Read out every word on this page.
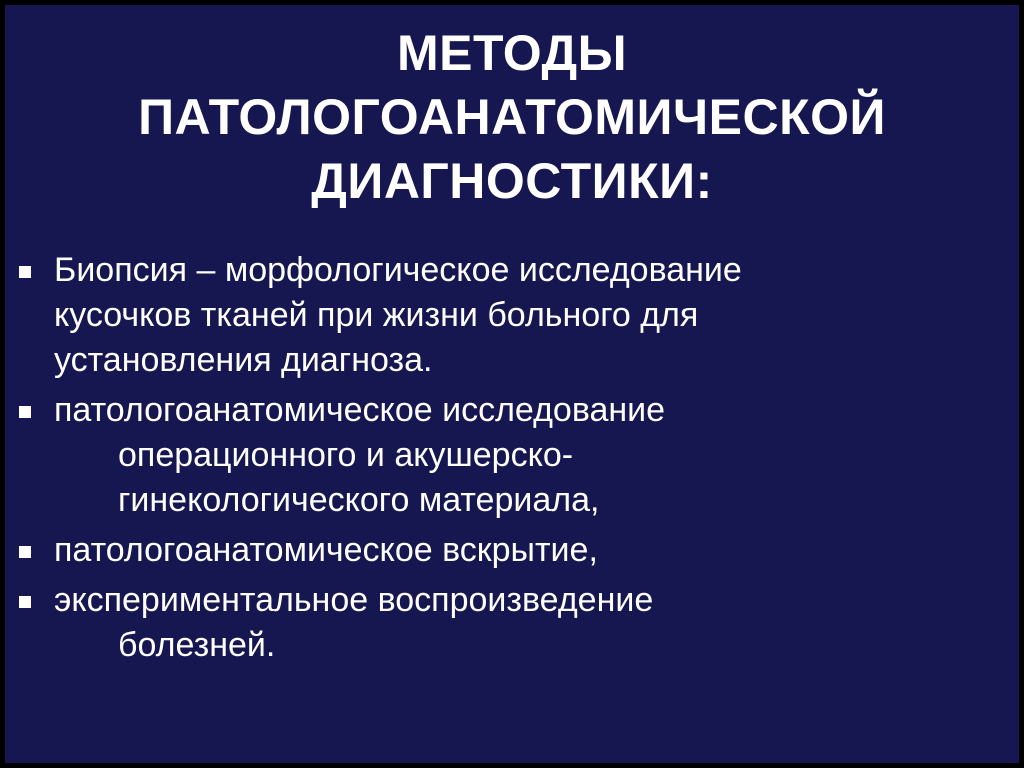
МЕТОДЫ
ПАТОЛОГОАНАТОМИЧЕСКОЙ
ДИАГНОСТИКИ:
Биопсия – морфологическое исследование
кусочков тканей при жизни больного для
установления диагноза.
патологоанатомическое исследование
операционного и акушерско-
гинекологического материала,
патологоанатомическое вскрытие,
экспериментальное воспроизведение
болезней.
